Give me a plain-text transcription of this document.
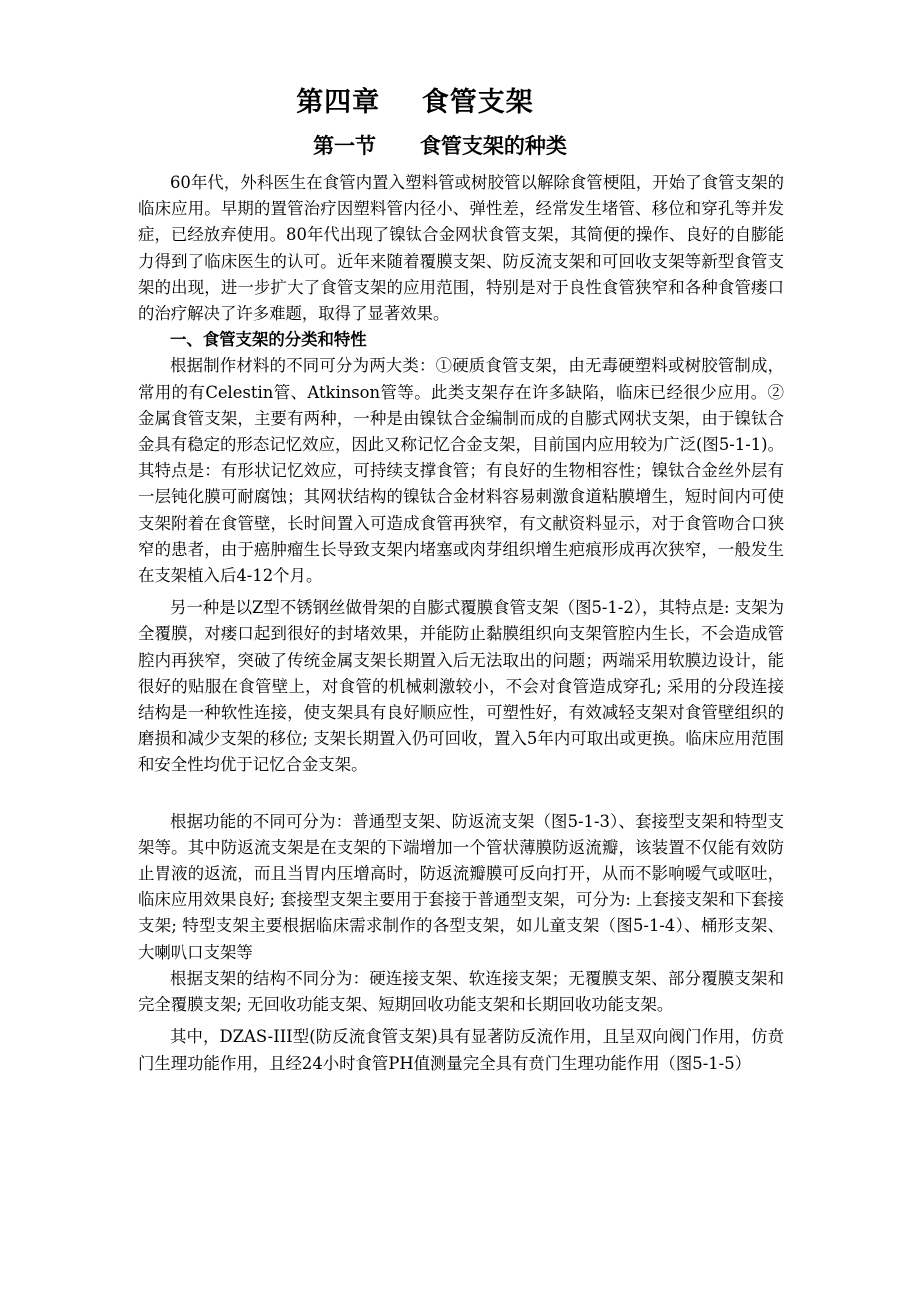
第四章    食管支架
第一节      食管支架的种类

60年代，外科医生在食管内置入塑料管或树胶管以解除食管梗阻，开始了食管支架的临床应用。早期的置管治疗因塑料管内径小、弹性差，经常发生堵管、移位和穿孔等并发症，已经放弃使用。80年代出现了镍钛合金网状食管支架，其简便的操作、良好的自膨能力得到了临床医生的认可。近年来随着覆膜支架、防反流支架和可回收支架等新型食管支架的出现，进一步扩大了食管支架的应用范围，特别是对于良性食管狭窄和各种食管瘘口的治疗解决了许多难题，取得了显著效果。

一、食管支架的分类和特性

根据制作材料的不同可分为两大类：①硬质食管支架，由无毒硬塑料或树胶管制成，常用的有Celestin管、Atkinson管等。此类支架存在许多缺陷，临床已经很少应用。②金属食管支架，主要有两种，一种是由镍钛合金编制而成的自膨式网状支架，由于镍钛合金具有稳定的形态记忆效应，因此又称记忆合金支架，目前国内应用较为广泛(图5-1-1)。其特点是：有形状记忆效应，可持续支撑食管；有良好的生物相容性；镍钛合金丝外层有一层钝化膜可耐腐蚀；其网状结构的镍钛合金材料容易刺激食道粘膜增生，短时间内可使支架附着在食管壁，长时间置入可造成食管再狭窄，有文献资料显示，对于食管吻合口狭窄的患者，由于癌肿瘤生长导致支架内堵塞或肉芽组织增生疤痕形成再次狭窄，一般发生在支架植入后4-12个月。

另一种是以Z型不锈钢丝做骨架的自膨式覆膜食管支架（图5-1-2），其特点是: 支架为全覆膜，对瘘口起到很好的封堵效果，并能防止黏膜组织向支架管腔内生长，不会造成管腔内再狭窄，突破了传统金属支架长期置入后无法取出的问题；两端采用软膜边设计，能很好的贴服在食管壁上，对食管的机械刺激较小，不会对食管造成穿孔; 采用的分段连接结构是一种软性连接，使支架具有良好顺应性，可塑性好，有效减轻支架对食管壁组织的磨损和减少支架的移位; 支架长期置入仍可回收，置入5年内可取出或更换。临床应用范围和安全性均优于记忆合金支架。

根据功能的不同可分为：普通型支架、防返流支架（图5-1-3）、套接型支架和特型支架等。其中防返流支架是在支架的下端增加一个管状薄膜防返流瓣，该装置不仅能有效防止胃液的返流，而且当胃内压增高时，防返流瓣膜可反向打开，从而不影响嗳气或呕吐，临床应用效果良好; 套接型支架主要用于套接于普通型支架，可分为: 上套接支架和下套接支架; 特型支架主要根据临床需求制作的各型支架，如儿童支架（图5-1-4）、桶形支架、大喇叭口支架等

根据支架的结构不同分为：硬连接支架、软连接支架；无覆膜支架、部分覆膜支架和完全覆膜支架; 无回收功能支架、短期回收功能支架和长期回收功能支架。

其中，DZAS-III型(防反流食管支架)具有显著防反流作用，且呈双向阀门作用，仿贲门生理功能作用，且经24小时食管PH值测量完全具有贲门生理功能作用（图5-1-5）
